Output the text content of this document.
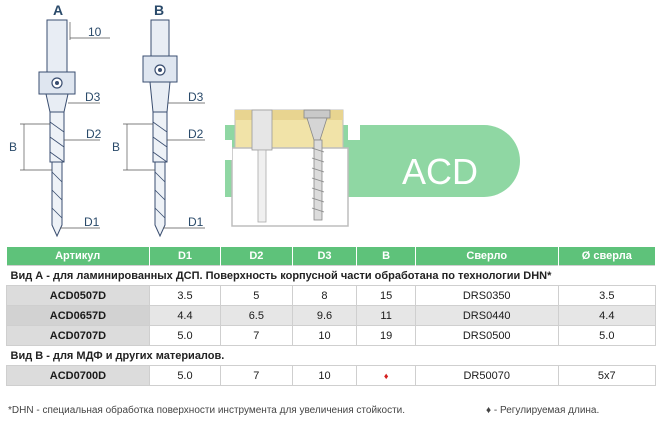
A
10
D3
D2
B
D1
B
D3
D2
B
D1
ACD
Артикул	D1	D2	D3	B	Сверло	Ø сверла
Вид А - для ламинированных ДСП. Поверхность корпусной части обработана по технологии DHN*						
ACD0507D	3.5	5	8	15	DRS0350	3.5
ACD0657D	4.4	6.5	9.6	11	DRS0440	4.4
ACD0707D	5.0	7	10	19	DRS0500	5.0
Вид В - для МДФ и других материалов.						
ACD0700D	5.0	7	10	♦	DR50070	5x7
*DHN - специальная обработка поверхности инструмента для увеличения стойкости.	♦ - Регулируемая длина.
